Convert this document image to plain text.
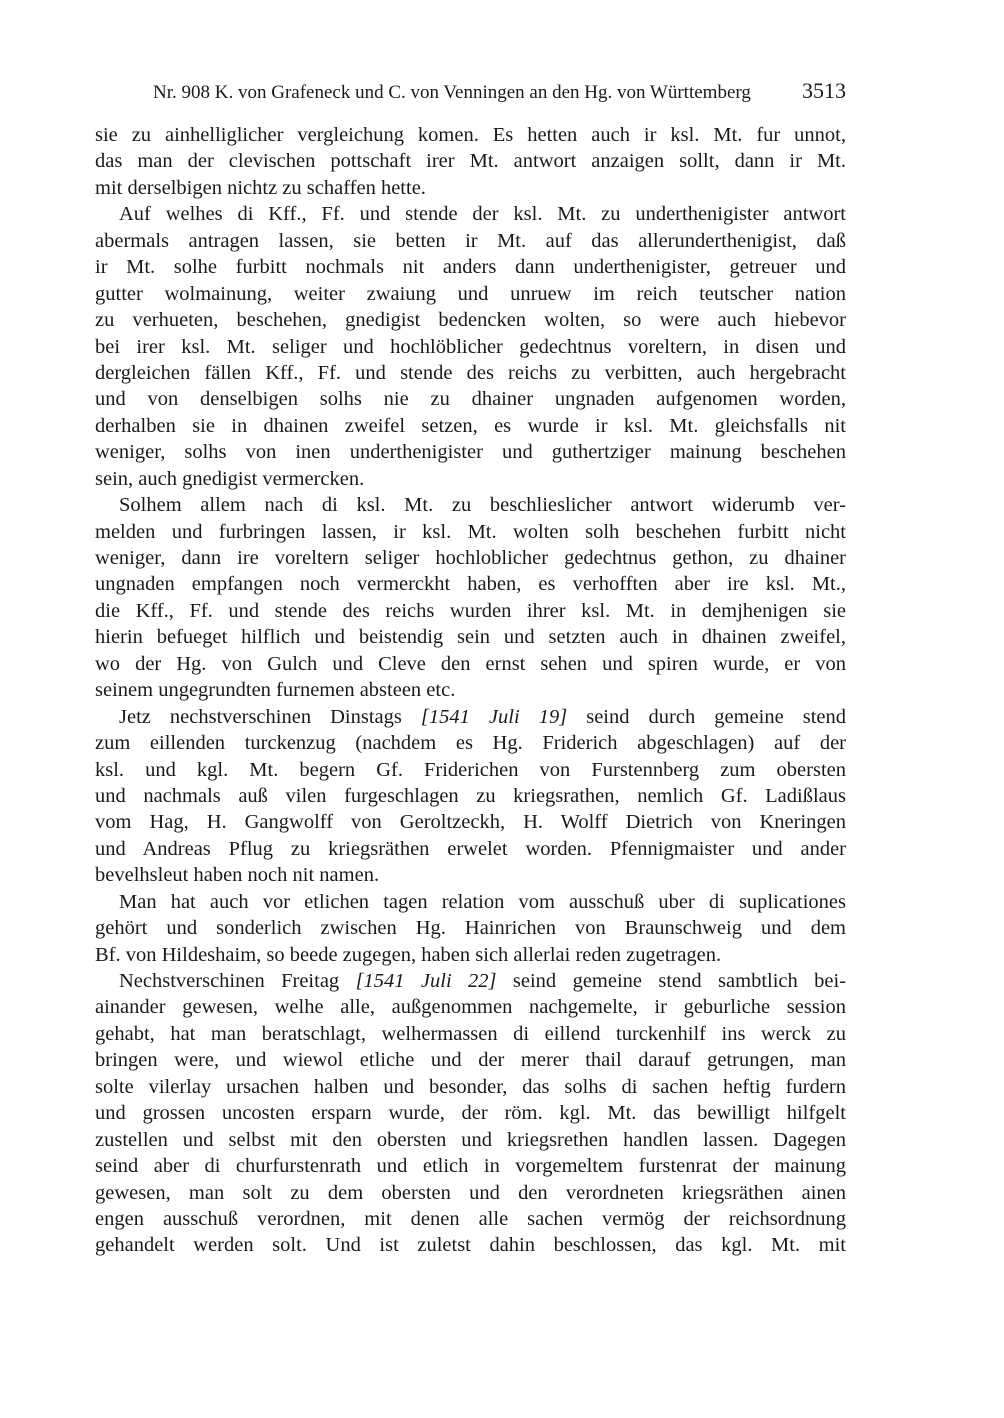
Nr. 908 K. von Grafeneck und C. von Venningen an den Hg. von Württemberg 3513
sie zu ainhelliglicher vergleichung komen. Es hetten auch ir ksl. Mt. fur unnot,
das man der clevischen pottschaft irer Mt. antwort anzaigen sollt, dann ir Mt.
mit derselbigen nichtz zu schaffen hette.
Auf welhes di Kff., Ff. und stende der ksl. Mt. zu underthenigister antwort
abermals antragen lassen, sie betten ir Mt. auf das allerunderthenigist, daß
ir Mt. solhe furbitt nochmals nit anders dann underthenigister, getreuer und
gutter wolmainung, weiter zwaiung und unruew im reich teutscher nation
zu verhueten, beschehen, gnedigist bedencken wolten, so were auch hiebevor
bei irer ksl. Mt. seliger und hochlöblicher gedechtnus voreltern, in disen und
dergleichen fällen Kff., Ff. und stende des reichs zu verbitten, auch hergebracht
und von denselbigen solhs nie zu dhainer ungnaden aufgenomen worden,
derhalben sie in dhainen zweifel setzen, es wurde ir ksl. Mt. gleichsfalls nit
weniger, solhs von inen underthenigister und guthertziger mainung beschehen
sein, auch gnedigist vermercken.
Solhem allem nach di ksl. Mt. zu beschlieslicher antwort widerumb ver-
melden und furbringen lassen, ir ksl. Mt. wolten solh beschehen furbitt nicht
weniger, dann ire voreltern seliger hochloblicher gedechtnus gethon, zu dhainer
ungnaden empfangen noch vermerckht haben, es verhofften aber ire ksl. Mt.,
die Kff., Ff. und stende des reichs wurden ihrer ksl. Mt. in demjhenigen sie
hierin befueget hilflich und beistendig sein und setzten auch in dhainen zweifel,
wo der Hg. von Gulch und Cleve den ernst sehen und spiren wurde, er von
seinem ungegrundten furnemen absteen etc.
Jetz nechstverschinen Dinstags [1541 Juli 19] seind durch gemeine stend
zum eillenden turckenzug (nachdem es Hg. Friderich abgeschlagen) auf der
ksl. und kgl. Mt. begern Gf. Friderichen von Furstennberg zum obersten
und nachmals auß vilen furgeschlagen zu kriegsrathen, nemlich Gf. Ladißlaus
vom Hag, H. Gangwolff von Geroltzeckh, H. Wolff Dietrich von Kneringen
und Andreas Pflug zu kriegsräthen erwelet worden. Pfennigmaister und ander
bevelhsleut haben noch nit namen.
Man hat auch vor etlichen tagen relation vom ausschuß uber di suplicationes
gehört und sonderlich zwischen Hg. Hainrichen von Braunschweig und dem
Bf. von Hildeshaim, so beede zugegen, haben sich allerlai reden zugetragen.
Nechstverschinen Freitag [1541 Juli 22] seind gemeine stend sambtlich bei-
ainander gewesen, welhe alle, außgenommen nachgemelte, ir geburliche session
gehabt, hat man beratschlagt, welhermassen di eillend turckenhilf ins werck zu
bringen were, und wiewol etliche und der merer thail darauf getrungen, man
solte vilerlay ursachen halben und besonder, das solhs di sachen heftig furdern
und grossen uncosten ersparn wurde, der röm. kgl. Mt. das bewilligt hilfgelt
zustellen und selbst mit den obersten und kriegsrethen handlen lassen. Dagegen
seind aber di churfurstenrath und etlich in vorgemeltem furstenrat der mainung
gewesen, man solt zu dem obersten und den verordneten kriegsräthen ainen
engen ausschuß verordnen, mit denen alle sachen vermög der reichsordnung
gehandelt werden solt. Und ist zuletst dahin beschlossen, das kgl. Mt. mit
